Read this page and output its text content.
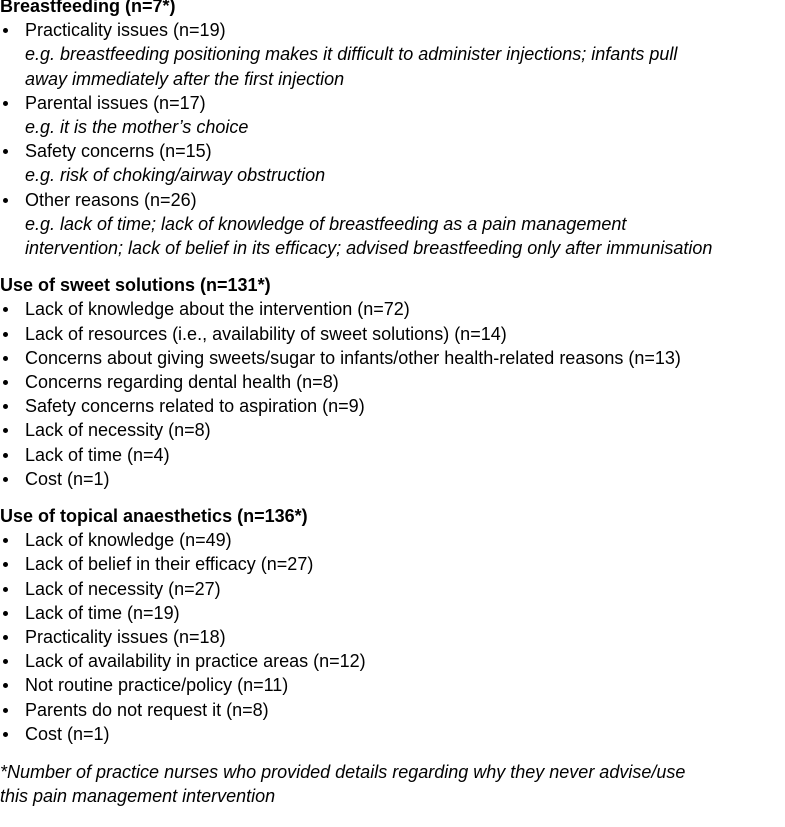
Breastfeeding (n=7*)
Practicality issues (n=19)
e.g. breastfeeding positioning makes it difficult to administer injections; infants pull
away immediately after the first injection
Parental issues (n=17)
e.g. it is the mother’s choice
Safety concerns (n=15)
e.g. risk of choking/airway obstruction
Other reasons (n=26)
e.g. lack of time; lack of knowledge of breastfeeding as a pain management
intervention; lack of belief in its efficacy; advised breastfeeding only after immunisation
Use of sweet solutions (n=131*)
Lack of knowledge about the intervention (n=72)
Lack of resources (i.e., availability of sweet solutions) (n=14)
Concerns about giving sweets/sugar to infants/other health-related reasons (n=13)
Concerns regarding dental health (n=8)
Safety concerns related to aspiration (n=9)
Lack of necessity (n=8)
Lack of time (n=4)
Cost (n=1)
Use of topical anaesthetics (n=136*)
Lack of knowledge (n=49)
Lack of belief in their efficacy (n=27)
Lack of necessity (n=27)
Lack of time (n=19)
Practicality issues (n=18)
Lack of availability in practice areas (n=12)
Not routine practice/policy (n=11)
Parents do not request it (n=8)
Cost (n=1)
*Number of practice nurses who provided details regarding why they never advise/use
this pain management intervention
